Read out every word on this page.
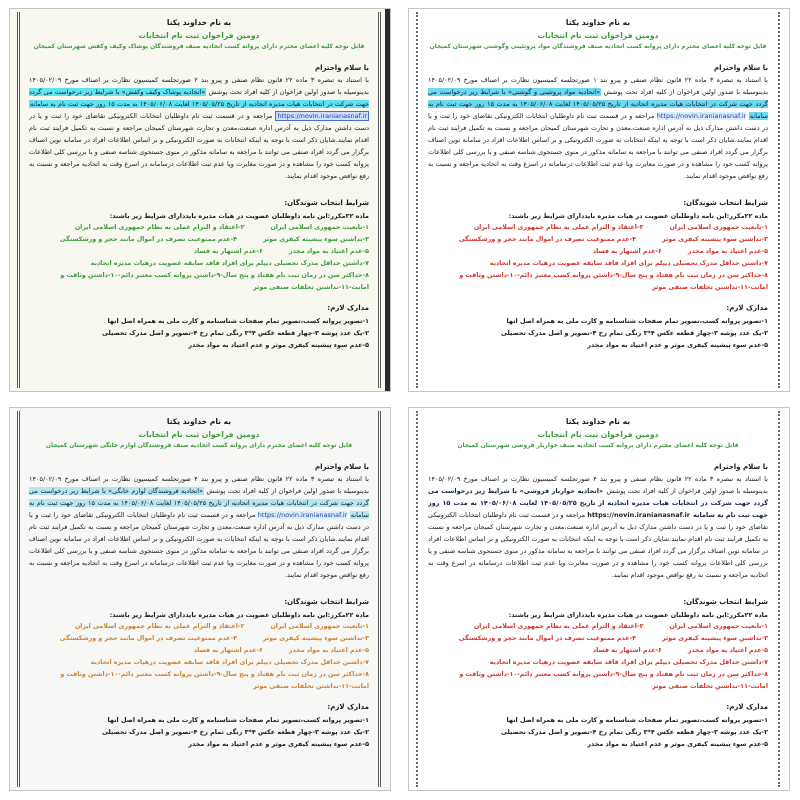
به نام خداوند یکتا
دومین فراخوان ثبت نام انتخابات
قابل توجه کلیه اعضای محترم دارای پروانه کسب اتحادیه صنف فروشندگان پوشاک وکیف وکفش شهرستان کمیجان
با سلام واحترام

با استناد به تبصره ۳ ماده ۲۲ قانون نظام صنفی و پیرو بند ۲ صورتجلسه کمیسیون نظارت بر اصناف مورخ ۱۴۰۵/۰۲/۰۹ بدینوسیله با صدور اولین فراخوان از کلیه افراد تحت پوشش «اتحادیه پوشاک وکیف وکفش» با شرایط زیر درخواست می گردد جهت شرکت در انتخابات هیات مدیره اتحادیه از تاریخ ۱۴۰۵/۰۵/۲۵ لغایت ۱۴۰۵/۰۶/۰۸ به مدت ۱۵ روز جهت ثبت نام به سامانه https://novin.iranianasnaf.ir مراجعه و در قسمت ثبت نام داوطلبان انتخابات الکترونیکی تقاضای خود را ثبت و یا در دست داشتن مدارک ذیل به آدرس اداره صنعت،معدن و تجارت شهرستان کمیجان مراجعه و نسبت به تکمیل فرایند ثبت نام اقدام نمایند.شایان ذکر است با توجه به اینکه انتخابات به صورت الکترونیکی و بر اساس اطلاعات افراد در سامانه نوین اصناف برگزار می گردد افراد صنفی می توانند با مراجعه به سامانه مذکور در منوی جستجوی شناسه صنفی و یا بررسی کلی اطلاعات پروانه کسب خود را مشاهده و در صورت مغایرت ویا عدم ثبت اطلاعات درسامانه در اسرع وقت به اتحادیه مراجعه و نسبت به رفع نواقص موجود اقدام نمایند.

شرایط انتخاب شوندگان:
ماده ۲۲مکرر:این نامه داوطلبان عضویت در هیات مدیره بایددارای شرایط زیر باشند:
۱-تابعیت جمهوری اسلامی ایران
۲-اعتقاد و التزام عملی به نظام جمهوری اسلامی ایران
۳-نداشتن سوء پیشینه کیفری موثر
۴-عدم ممنوعیت تصرف در اموال مانند حجر و ورشکستگی
۵-عدم اعتیاد به مواد مخدر
۶-عدم اشتهار به فساد
۷-داشتن حداقل مدرک تحصیلی دیپلم برای افراد فاقد سابقه عضویت درهیات مدیره اتحادیه
۸-حداکثر سن در زمان ثبت نام هفتاد و پنج سال-۹-داشتن پروانه کسب معتبر دائم-۱۰-داشتن وثاقت و امانت-۱۱-نداشتن تخلفات صنفی موثر
مدارک لازم:
۱-تصویر پروانه کسب،تصویر تمام صفحات شناسنامه و کارت ملی به همراه اصل انها
۲-یک عدد پوشه ۳-چهار قطعه عکس ۴*۳ رنگی تمام رخ ۴-تصویر و اصل مدرک تحصیلی
۵-عدم سوء پیشینه کیفری موثر و عدم اعتیاد به مواد مخدر
به نام خداوند یکتا
دومین فراخوان ثبت نام انتخابات
قابل توجه کلیه اعضای محترم دارای پروانه کسب اتحادیه صنف فروشندگان مواد پروتئینی وگوشتی شهرستان کمیجان
با سلام واحترام

با استناد به تبصره ۳ ماده ۲۲ قانون نظام صنفی و پیرو بند ۱ صورتجلسه کمیسیون نظارت بر اصناف مورخ ۱۴۰۵/۰۲/۰۹ بدینوسیله با صدور اولین فراخوان از کلیه افراد تحت پوشش «اتحادیه مواد پروتئینی و گوشتی» با شرایط زیر درخواست می گردد جهت شرکت در انتخابات هیات مدیره اتحادیه از تاریخ ۱۴۰۵/۰۵/۲۵ لغایت ۱۴۰۵/۰۶/۰۸ به مدت ۱۵ روز جهت ثبت نام به سامانه https://novin.iranianasnaf.ir مراجعه و در قسمت ثبت نام داوطلبان انتخابات الکترونیکی تقاضای خود را ثبت و یا در دست داشتن مدارک ذیل به آدرس اداره صنعت،معدن و تجارت شهرستان کمیجان مراجعه و نسبت به تکمیل فرایند ثبت نام اقدام نمایند.شایان ذکر است با توجه به اینکه انتخابات به صورت الکترونیکی و بر اساس اطلاعات افراد در سامانه نوین اصناف برگزار می گردد افراد صنفی می توانند با مراجعه به سامانه مذکور در منوی جستجوی شناسه صنفی و یا بررسی کلی اطلاعات پروانه کسب خود را مشاهده و در صورت مغایرت ویا عدم ثبت اطلاعات درسامانه در اسرع وقت به اتحادیه مراجعه و نسبت به رفع نواقص موجود اقدام نمایند.

شرایط انتخاب شوندگان:
ماده ۲۲مکرر:این نامه داوطلبان عضویت در هیات مدیره بایددارای شرایط زیر باشند:
۱-تابعیت جمهوری اسلامی ایران
۲-اعتقاد و التزام عملی به نظام جمهوری اسلامی ایران
۳-نداشتن سوء پیشینه کیفری موثر
۴-عدم ممنوعیت تصرف در اموال مانند حجر و ورشکستگی
۵-عدم اعتیاد به مواد مخدر
۶-عدم اشتهار به فساد
۷-داشتن حداقل مدرک تحصیلی دیپلم برای افراد فاقد سابقه عضویت درهیات مدیره اتحادیه
۸-حداکثر سن در زمان ثبت نام هفتاد و پنج سال-۹-داشتن پروانه کسب معتبر دائم-۱۰-داشتن وثاقت و امانت-۱۱-نداشتن تخلفات صنفی موثر
مدارک لازم:
۱-تصویر پروانه کسب،تصویر تمام صفحات شناسنامه و کارت ملی به همراه اصل انها
۲-یک عدد پوشه ۳-چهار قطعه عکس ۴*۳ رنگی تمام رخ ۴-تصویر و اصل مدرک تحصیلی
۵-عدم سوء پیشینه کیفری موثر و عدم اعتیاد به مواد مخدر
به نام خداوند یکتا
دومین فراخوان ثبت نام انتخابات
قابل توجه کلیه اعضای محترم دارای پروانه کسب اتحادیه صنف فروشندگان لوازم خانگی شهرستان کمیجان
با سلام واحترام

با استناد به تبصره ۳ ماده ۲۲ قانون نظام صنفی و پیرو بند ۴ صورتجلسه کمیسیون نظارت بر اصناف مورخ ۱۴۰۵/۰۲/۰۹ بدینوسیله با صدور اولین فراخوان از کلیه افراد تحت پوشش «اتحادیه فروشندگان لوازم خانگی» با شرایط زیر درخواست می گردد جهت شرکت در انتخابات هیات مدیره اتحادیه از تاریخ ۱۴۰۵/۰۵/۲۵ لغایت ۱۴۰۵/۰۶/۰۸ به مدت ۱۵ روز جهت ثبت نام به سامانه https://novin.iranianasnaf.ir مراجعه و در قسمت ثبت نام داوطلبان انتخابات الکترونیکی تقاضای خود را ثبت و یا در دست داشتن مدارک ذیل به آدرس اداره صنعت،معدن و تجارت شهرستان کمیجان مراجعه و نسبت به تکمیل فرایند ثبت نام اقدام نمایند.شایان ذکر است با توجه به اینکه انتخابات به صورت الکترونیکی و بر اساس اطلاعات افراد در سامانه نوین اصناف برگزار می گردد افراد صنفی می توانند با مراجعه به سامانه مذکور در منوی جستجوی شناسه صنفی و یا بررسی کلی اطلاعات پروانه کسب خود را مشاهده و در صورت مغایرت ویا عدم ثبت اطلاعات درسامانه در اسرع وقت به اتحادیه مراجعه و نسبت به رفع نواقص موجود اقدام نمایند.

شرایط انتخاب شوندگان:
ماده ۲۲مکرر:این نامه داوطلبان عضویت در هیات مدیره بایددارای شرایط زیر باشند:
۱-تابعیت جمهوری اسلامی ایران
۲-اعتقاد و التزام عملی به نظام جمهوری اسلامی ایران
۳-نداشتن سوء پیشینه کیفری موثر
۴-عدم ممنوعیت تصرف در اموال مانند حجر و ورشکستگی
۵-عدم اعتیاد به مواد مخدر
۶-عدم اشتهار به فساد
۷-داشتن حداقل مدرک تحصیلی دیپلم برای افراد فاقد سابقه عضویت درهیات مدیره اتحادیه
۸-حداکثر سن در زمان ثبت نام هفتاد و پنج سال-۹-داشتن پروانه کسب معتبر دائم-۱۰-داشتن وثاقت و امانت-۱۱-نداشتن تخلفات صنفی موثر
مدارک لازم:
۱-تصویر پروانه کسب،تصویر تمام صفحات شناسنامه و کارت ملی به همراه اصل انها
۲-یک عدد پوشه ۳-چهار قطعه عکس ۴*۳ رنگی تمام رخ ۴-تصویر و اصل مدرک تحصیلی
۵-عدم سوء پیشینه کیفری موثر و عدم اعتیاد به مواد مخدر
به نام خداوند یکتا
دومین فراخوان ثبت نام انتخابات
قابل توجه کلیه اعضای محترم دارای پروانه کسب اتحادیه صنف خواربار فروشی شهرستان کمیجان
با سلام واحترام

با استناد به تبصره ۳ ماده ۲۲ قانون نظام صنفی و پیرو بند ۴ صورتجلسه کمیسیون نظارت بر اصناف مورخ ۱۴۰۵/۰۲/۰۹ بدینوسیله با صدور اولین فراخوان از کلیه افراد تحت پوشش «اتحادیه خواربار فروشی» با شرایط زیر درخواست می گردد جهت شرکت در انتخابات هیات مدیره اتحادیه از تاریخ ۱۴۰۵/۰۵/۲۵ لغایت ۱۴۰۵/۰۶/۰۸ به مدت ۱۵ روز جهت ثبت نام به سامانه https://novin.iranianasnaf.ir مراجعه و در قسمت ثبت نام داوطلبان انتخابات الکترونیکی تقاضای خود را ثبت و یا در دست داشتن مدارک ذیل به آدرس اداره صنعت،معدن و تجارت شهرستان کمیجان مراجعه و نسبت به تکمیل فرایند ثبت نام اقدام نمایند.شایان ذکر است با توجه به اینکه انتخابات به صورت الکترونیکی و بر اساس اطلاعات افراد در سامانه نوین اصناف برگزار می گردد افراد صنفی می توانند با مراجعه به سامانه مذکور در منوی جستجوی شناسه صنفی و یا بررسی کلی اطلاعات پروانه کسب خود را مشاهده و در صورت مغایرت ویا عدم ثبت اطلاعات درسامانه در اسرع وقت به اتحادیه مراجعه و نسبت به رفع نواقص موجود اقدام نمایند.

شرایط انتخاب شوندگان:
ماده ۲۲مکرر:این نامه داوطلبان عضویت در هیات مدیره بایددارای شرایط زیر باشند:
۱-تابعیت جمهوری اسلامی ایران
۲-اعتقاد و التزام عملی به نظام جمهوری اسلامی ایران
۳-نداشتن سوء پیشینه کیفری موثر
۴-عدم ممنوعیت تصرف در اموال مانند حجر و ورشکستگی
۵-عدم اعتیاد به مواد مخدر
۶-عدم اشتهار به فساد
۷-داشتن حداقل مدرک تحصیلی دیپلم برای افراد فاقد سابقه عضویت درهیات مدیره اتحادیه
۸-حداکثر سن در زمان ثبت نام هفتاد و پنج سال-۹-داشتن پروانه کسب معتبر دائم-۱۰-داشتن وثاقت و امانت-۱۱-نداشتن تخلفات صنفی موثر
مدارک لازم:
۱-تصویر پروانه کسب،تصویر تمام صفحات شناسنامه و کارت ملی به همراه اصل انها
۲-یک عدد پوشه ۳-چهار قطعه عکس ۴*۳ رنگی تمام رخ ۴-تصویر و اصل مدرک تحصیلی
۵-عدم سوء پیشینه کیفری موثر و عدم اعتیاد به مواد مخدر
